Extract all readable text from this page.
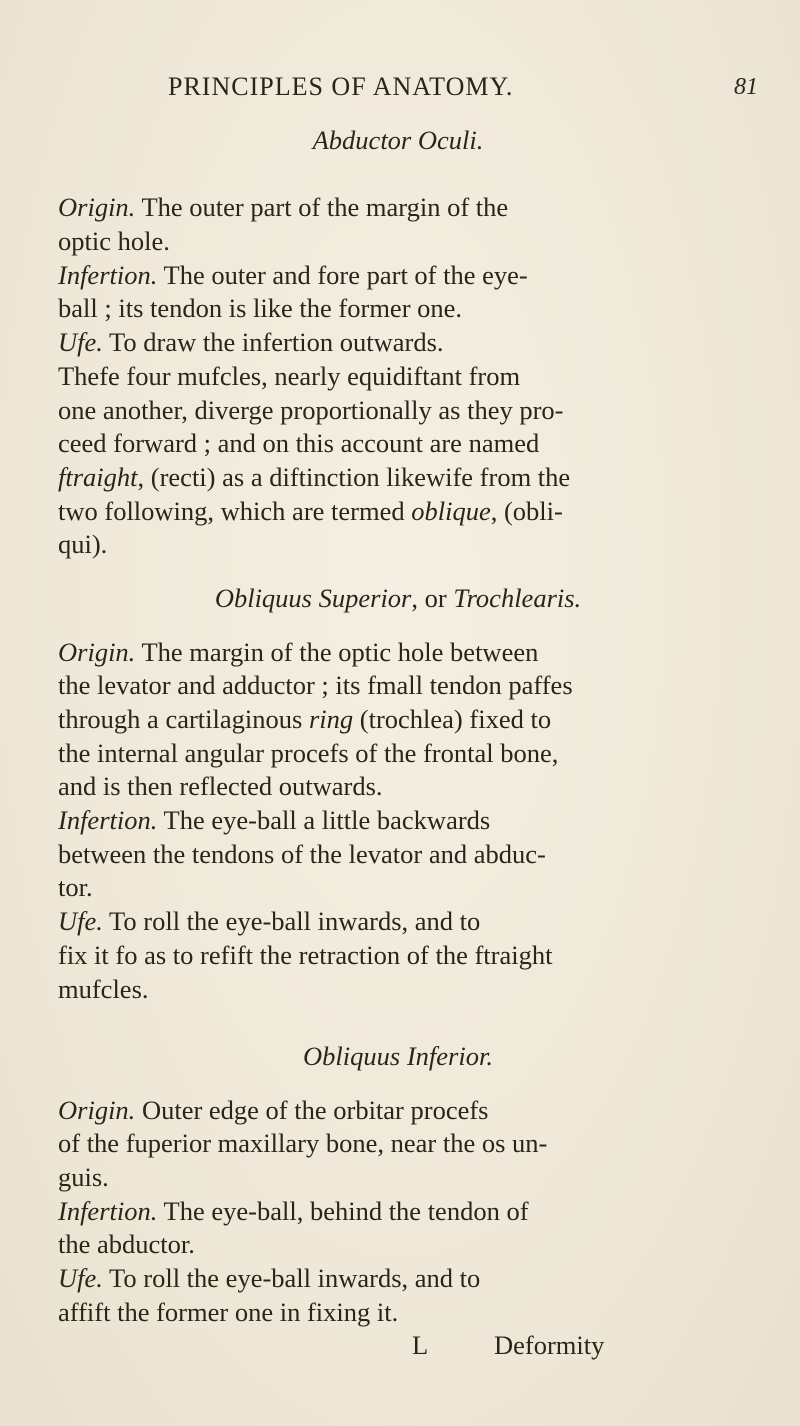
PRINCIPLES OF ANATOMY.	81
Abductor Oculi.
Origin. The outer part of the margin of the
optic hole.
Infertion. The outer and fore part of the eye-
ball ; its tendon is like the former one.
Ufe. To draw the infertion outwards.
Thefe four mufcles, nearly equidiftant from
one another, diverge proportionally as they pro-
ceed forward ; and on this account are named
ftraight, (recti) as a diftinction likewife from the
two following, which are termed oblique, (obli-
qui).
Obliquus Superior, or Trochlearis.
Origin. The margin of the optic hole between
the levator and adductor ; its fmall tendon paffes
through a cartilaginous ring (trochlea) fixed to
the internal angular procefs of the frontal bone,
and is then reflected outwards.
Infertion. The eye-ball a little backwards
between the tendons of the levator and abduc-
tor.
Ufe. To roll the eye-ball inwards, and to
fix it fo as to refift the retraction of the ftraight
mufcles.
Obliquus Inferior.
Origin. Outer edge of the orbitar procefs
of the fuperior maxillary bone, near the os un-
guis.
Infertion. The eye-ball, behind the tendon of
the abductor.
Ufe. To roll the eye-ball inwards, and to
affift the former one in fixing it.
L Deformity
